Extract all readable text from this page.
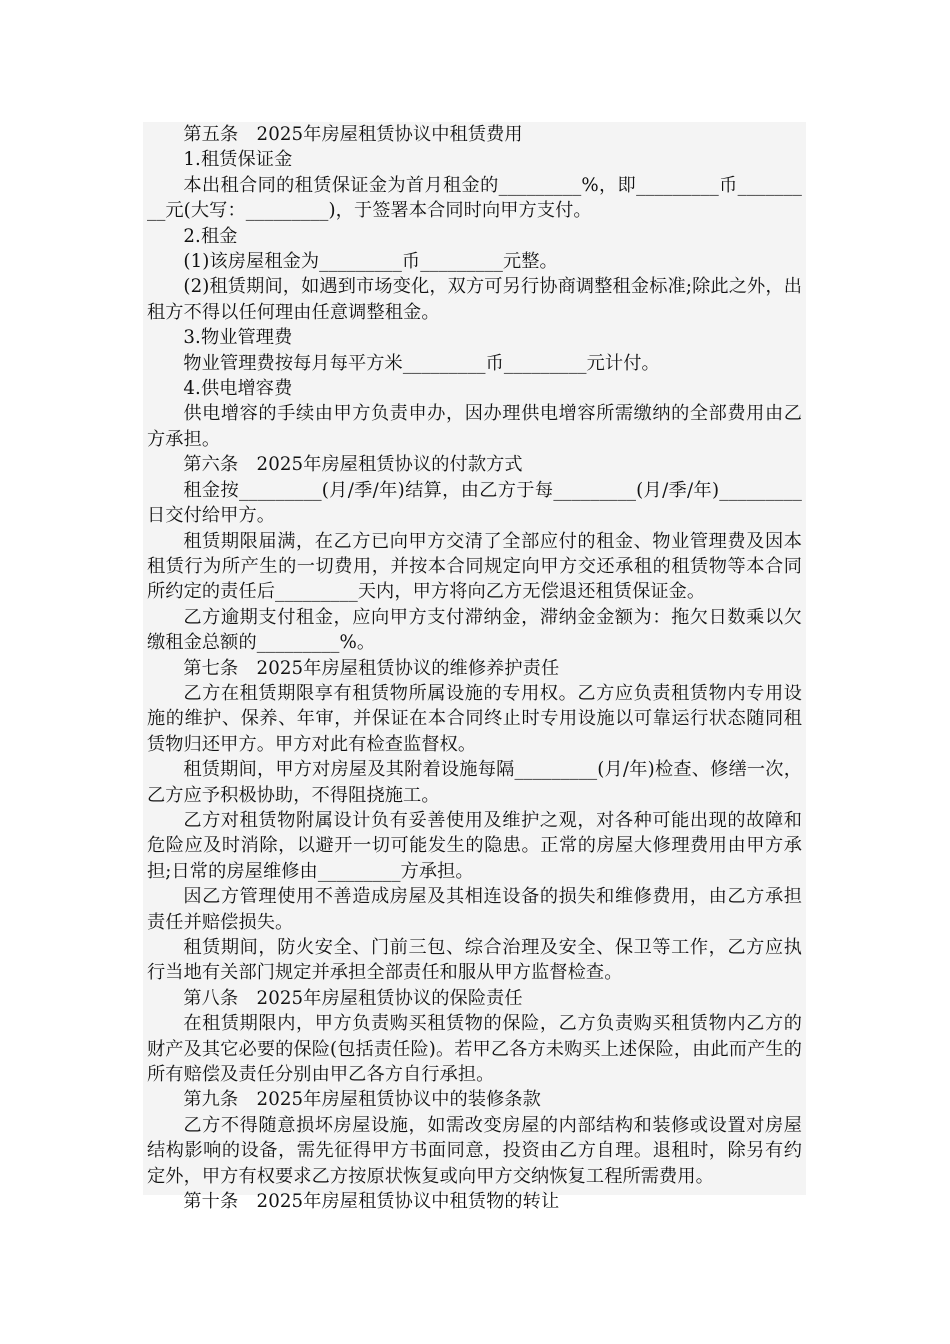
第五条　2025年房屋租赁协议中租赁费用

1.租赁保证金

本出租合同的租赁保证金为首月租金的_________%，即_________币_________元(大写：_________)，于签署本合同时向甲方支付。

2.租金

(1)该房屋租金为_________币_________元整。

(2)租赁期间，如遇到市场变化，双方可另行协商调整租金标准;除此之外，出租方不得以任何理由任意调整租金。

3.物业管理费

物业管理费按每月每平方米_________币_________元计付。

4.供电增容费

供电增容的手续由甲方负责申办，因办理供电增容所需缴纳的全部费用由乙方承担。

第六条　2025年房屋租赁协议的付款方式

租金按_________(月/季/年)结算，由乙方于每_________(月/季/年)_________日交付给甲方。

租赁期限届满，在乙方已向甲方交清了全部应付的租金、物业管理费及因本租赁行为所产生的一切费用，并按本合同规定向甲方交还承租的租赁物等本合同所约定的责任后_________天内，甲方将向乙方无偿退还租赁保证金。

乙方逾期支付租金，应向甲方支付滞纳金，滞纳金金额为：拖欠日数乘以欠缴租金总额的_________%。

第七条　2025年房屋租赁协议的维修养护责任

乙方在租赁期限享有租赁物所属设施的专用权。乙方应负责租赁物内专用设施的维护、保养、年审，并保证在本合同终止时专用设施以可靠运行状态随同租赁物归还甲方。甲方对此有检查监督权。

租赁期间，甲方对房屋及其附着设施每隔_________(月/年)检查、修缮一次，乙方应予积极协助，不得阻挠施工。

乙方对租赁物附属设计负有妥善使用及维护之观，对各种可能出现的故障和危险应及时消除，以避开一切可能发生的隐患。正常的房屋大修理费用由甲方承担;日常的房屋维修由_________方承担。

因乙方管理使用不善造成房屋及其相连设备的损失和维修费用，由乙方承担责任并赔偿损失。

租赁期间，防火安全、门前三包、综合治理及安全、保卫等工作，乙方应执行当地有关部门规定并承担全部责任和服从甲方监督检查。

第八条　2025年房屋租赁协议的保险责任

在租赁期限内，甲方负责购买租赁物的保险，乙方负责购买租赁物内乙方的财产及其它必要的保险(包括责任险)。若甲乙各方未购买上述保险，由此而产生的所有赔偿及责任分别由甲乙各方自行承担。

第九条　2025年房屋租赁协议中的装修条款

乙方不得随意损坏房屋设施，如需改变房屋的内部结构和装修或设置对房屋结构影响的设备，需先征得甲方书面同意，投资由乙方自理。退租时，除另有约定外，甲方有权要求乙方按原状恢复或向甲方交纳恢复工程所需费用。

第十条　2025年房屋租赁协议中租赁物的转让
